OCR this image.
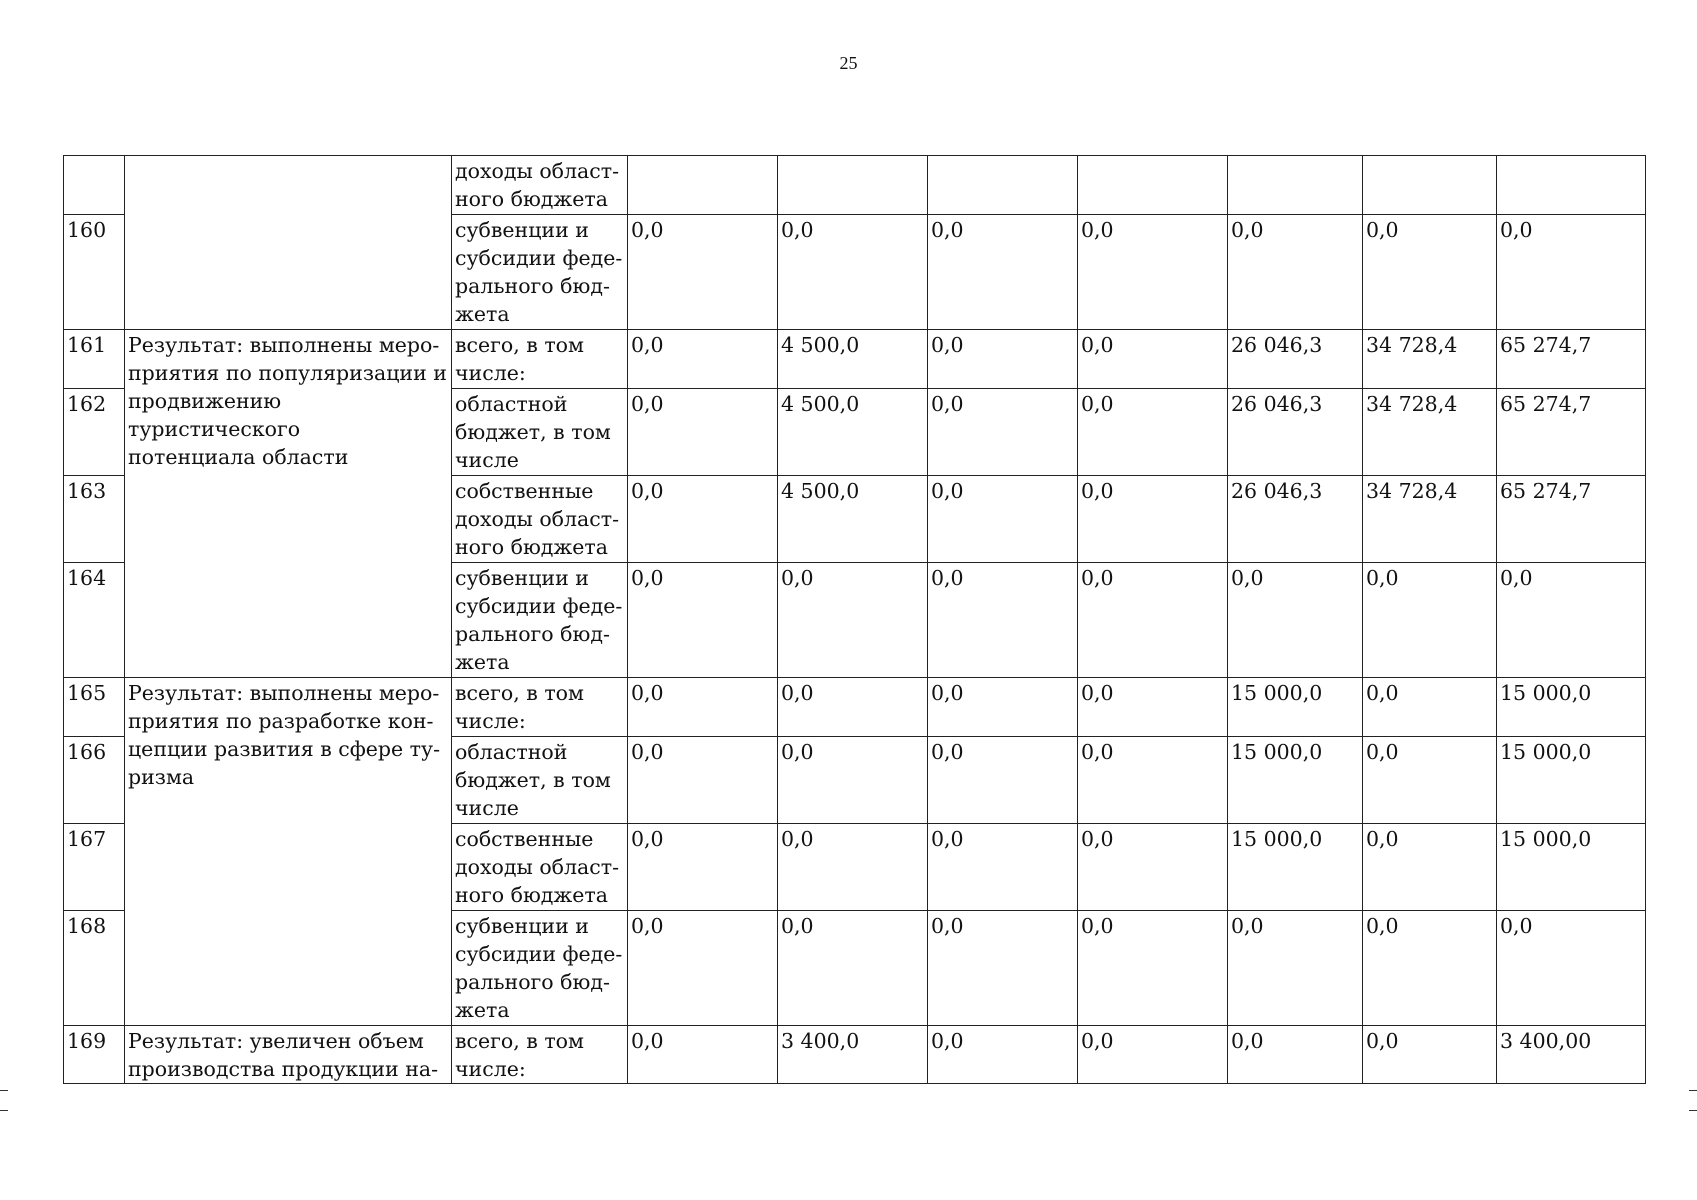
25
		доходы област-
ного бюджета							
160		субвенции и
субсидии феде-
рального бюд-
жета	0,0	0,0	0,0	0,0	0,0	0,0	0,0
161	Результат: выполнены меро-
приятия по популяризации и
продвижению туристического
потенциала области	всего, в том
числе:	0,0	4 500,0	0,0	0,0	26 046,3	34 728,4	65 274,7
162		областной
бюджет, в том
числе	0,0	4 500,0	0,0	0,0	26 046,3	34 728,4	65 274,7
163		собственные
доходы област-
ного бюджета	0,0	4 500,0	0,0	0,0	26 046,3	34 728,4	65 274,7
164		субвенции и
субсидии феде-
рального бюд-
жета	0,0	0,0	0,0	0,0	0,0	0,0	0,0
165	Результат: выполнены меро-
приятия по разработке кон-
цепции развития в сфере ту-
ризма	всего, в том
числе:	0,0	0,0	0,0	0,0	15 000,0	0,0	15 000,0
166		областной
бюджет, в том
числе	0,0	0,0	0,0	0,0	15 000,0	0,0	15 000,0
167		собственные
доходы област-
ного бюджета	0,0	0,0	0,0	0,0	15 000,0	0,0	15 000,0
168		субвенции и
субсидии феде-
рального бюд-
жета	0,0	0,0	0,0	0,0	0,0	0,0	0,0
169	Результат: увеличен объем
производства продукции на-	всего, в том
числе:	0,0	3 400,0	0,0	0,0	0,0	0,0	3 400,00
